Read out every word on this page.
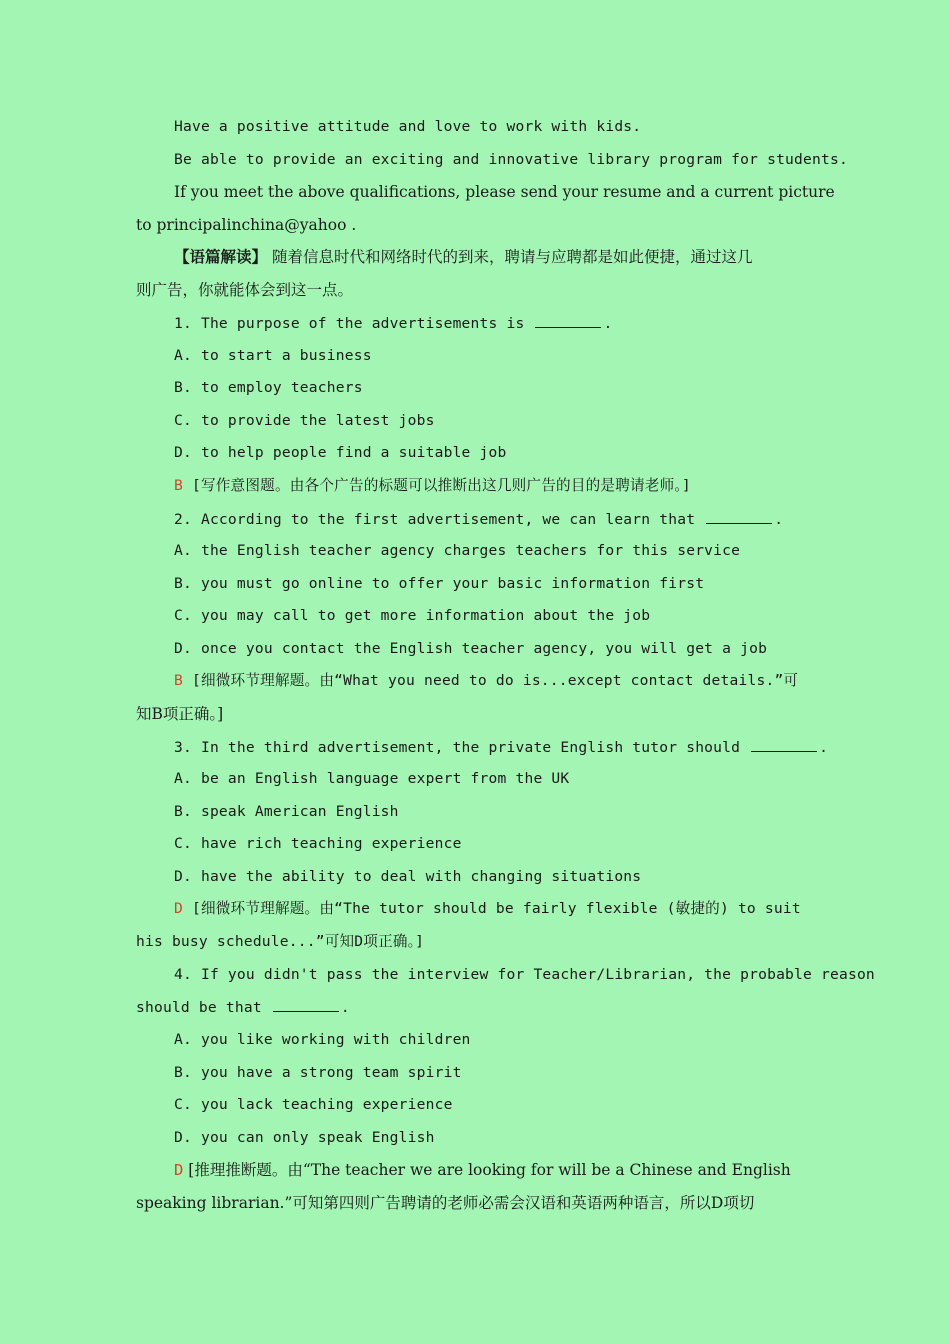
Have a positive attitude and love to work with kids.
Be able to provide an exciting and innovative library program for students.
If you meet the above qualifications, please send your resume and a current picture
to principalinchina@yahoo .
【语篇解读】 随着信息时代和网络时代的到来，聘请与应聘都是如此便捷，通过这几
则广告，你就能体会到这一点。
1. The purpose of the advertisements is	.
A. to start a business
B. to employ teachers
C. to provide the latest jobs
D. to help people find a suitable job
B [写作意图题。由各个广告的标题可以推断出这几则广告的目的是聘请老师。]
2. According to the first advertisement, we can learn that	.
A. the English teacher agency charges teachers for this service
B. you must go online to offer your basic information first
C. you may call to get more information about the job
D. once you contact the English teacher agency, you will get a job
B [细微环节理解题。由“What you need to do is...except contact details.”可
知B项正确。]
3. In the third advertisement, the private English tutor should	.
A. be an English language expert from the UK
B. speak American English
C. have rich teaching experience
D. have the ability to deal with changing situations
D [细微环节理解题。由“The tutor should be fairly flexible (敏捷的) to suit
his busy schedule...”可知D项正确。]
4. If you didn't pass the interview for Teacher/Librarian, the probable reason
should be that	.
A. you like working with children
B. you have a strong team spirit
C. you lack teaching experience
D. you can only speak English
D [推理推断题。由“The teacher we are looking for will be a Chinese and English
speaking librarian.”可知第四则广告聘请的老师必需会汉语和英语两种语言，所以D项切
